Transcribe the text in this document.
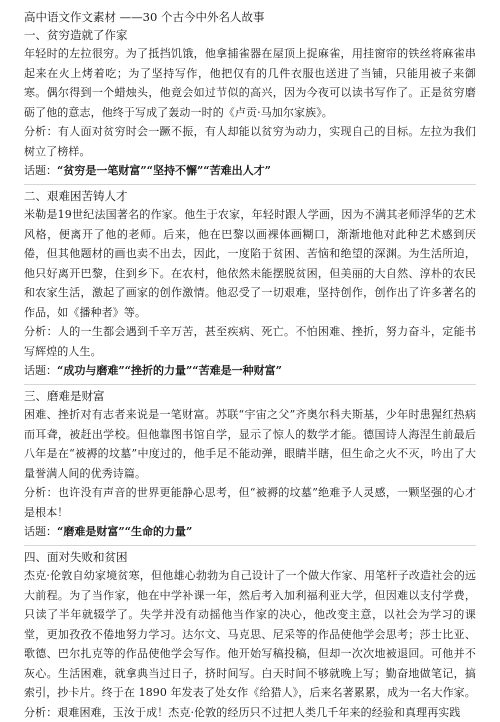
高中语文作文素材 ——30 个古今中外名人故事
一、贫穷造就了作家

年轻时的左拉很穷。为了抵挡饥饿，他拿捕雀器在屋顶上捉麻雀，用挂窗帘的铁丝将麻雀串起来在火上烤着吃；为了坚持写作，他把仅有的几件衣服也送进了当铺，只能用被子来御寒。偶尔得到一个蜡烛头，他竟会如过节似的高兴，因为今夜可以读书写作了。正是贫穷磨砺了他的意志，他终于写成了轰动一时的《卢贡·马加尔家族》。

分析：有人面对贫穷时会一蹶不振，有人却能以贫穷为动力，实现自己的目标。左拉为我们树立了榜样。

话题：“贫穷是一笔财富”“坚持不懈”“苦难出人才”
二、艰难困苦铸人才

米勒是19世纪法国著名的作家。他生于农家，年轻时跟人学画，因为不满其老师浮华的艺术风格，便离开了他的老师。后来，他在巴黎以画裸体画糊口，渐渐地他对此种艺术感到厌倦，但其他题材的画也卖不出去，因此，一度陷于贫困、苦恼和绝望的深渊。为生活所迫，他只好离开巴黎，住到乡下。在农村，他依然未能摆脱贫困，但美丽的大自然、淳朴的农民和农家生活，激起了画家的创作激情。他忍受了一切艰难，坚持创作，创作出了许多著名的作品，如《播种者》等。

分析：人的一生都会遇到千辛万苦，甚至疾病、死亡。不怕困难、挫折，努力奋斗，定能书写辉煌的人生。

话题：“成功与磨难”“挫折的力量”“苦难是一种财富”
三、磨难是财富

困难、挫折对有志者来说是一笔财富。苏联“宇宙之父”齐奥尔科夫斯基，少年时患猩红热病而耳聋，被赶出学校。但他靠图书馆自学，显示了惊人的数学才能。德国诗人海涅生前最后八年是在“被褥的坟墓”中度过的，他手足不能动弹，眼睛半瞎，但生命之火不灭，吟出了大量誉满人间的优秀诗篇。

分析：也许没有声音的世界更能静心思考，但“被褥的坟墓”绝难予人灵感，一颗坚强的心才是根本！

话题：“磨难是财富”“生命的力量”
四、面对失败和贫困

杰克·伦敦自幼家境贫寒，但他雄心勃勃为自己设计了一个做大作家、用笔杆子改造社会的远大前程。为了当作家，他在中学补课一年，然后考入加利福利亚大学，但因难以支付学费，只读了半年就辍学了。失学并没有动摇他当作家的决心，他改变主意，以社会为学习的课堂，更加孜孜不倦地努力学习。达尔文、马克思、尼采等的作品使他学会思考；莎士比亚、歌德、巴尔扎克等的作品使他学会写作。他开始写稿投稿，但却一次次地被退回。可他并不灰心。生活困难，就拿典当过日子，挤时间写。白天时间不够就晚上写；勤奋地做笔记，搞索引，抄卡片。终于在 1890 年发表了处女作《给猎人》，后来名著累累，成为一名大作家。

分析：艰难困难，玉汝于成！杰克·伦敦的经历只不过把人类几千年来的经验和真理再实践
